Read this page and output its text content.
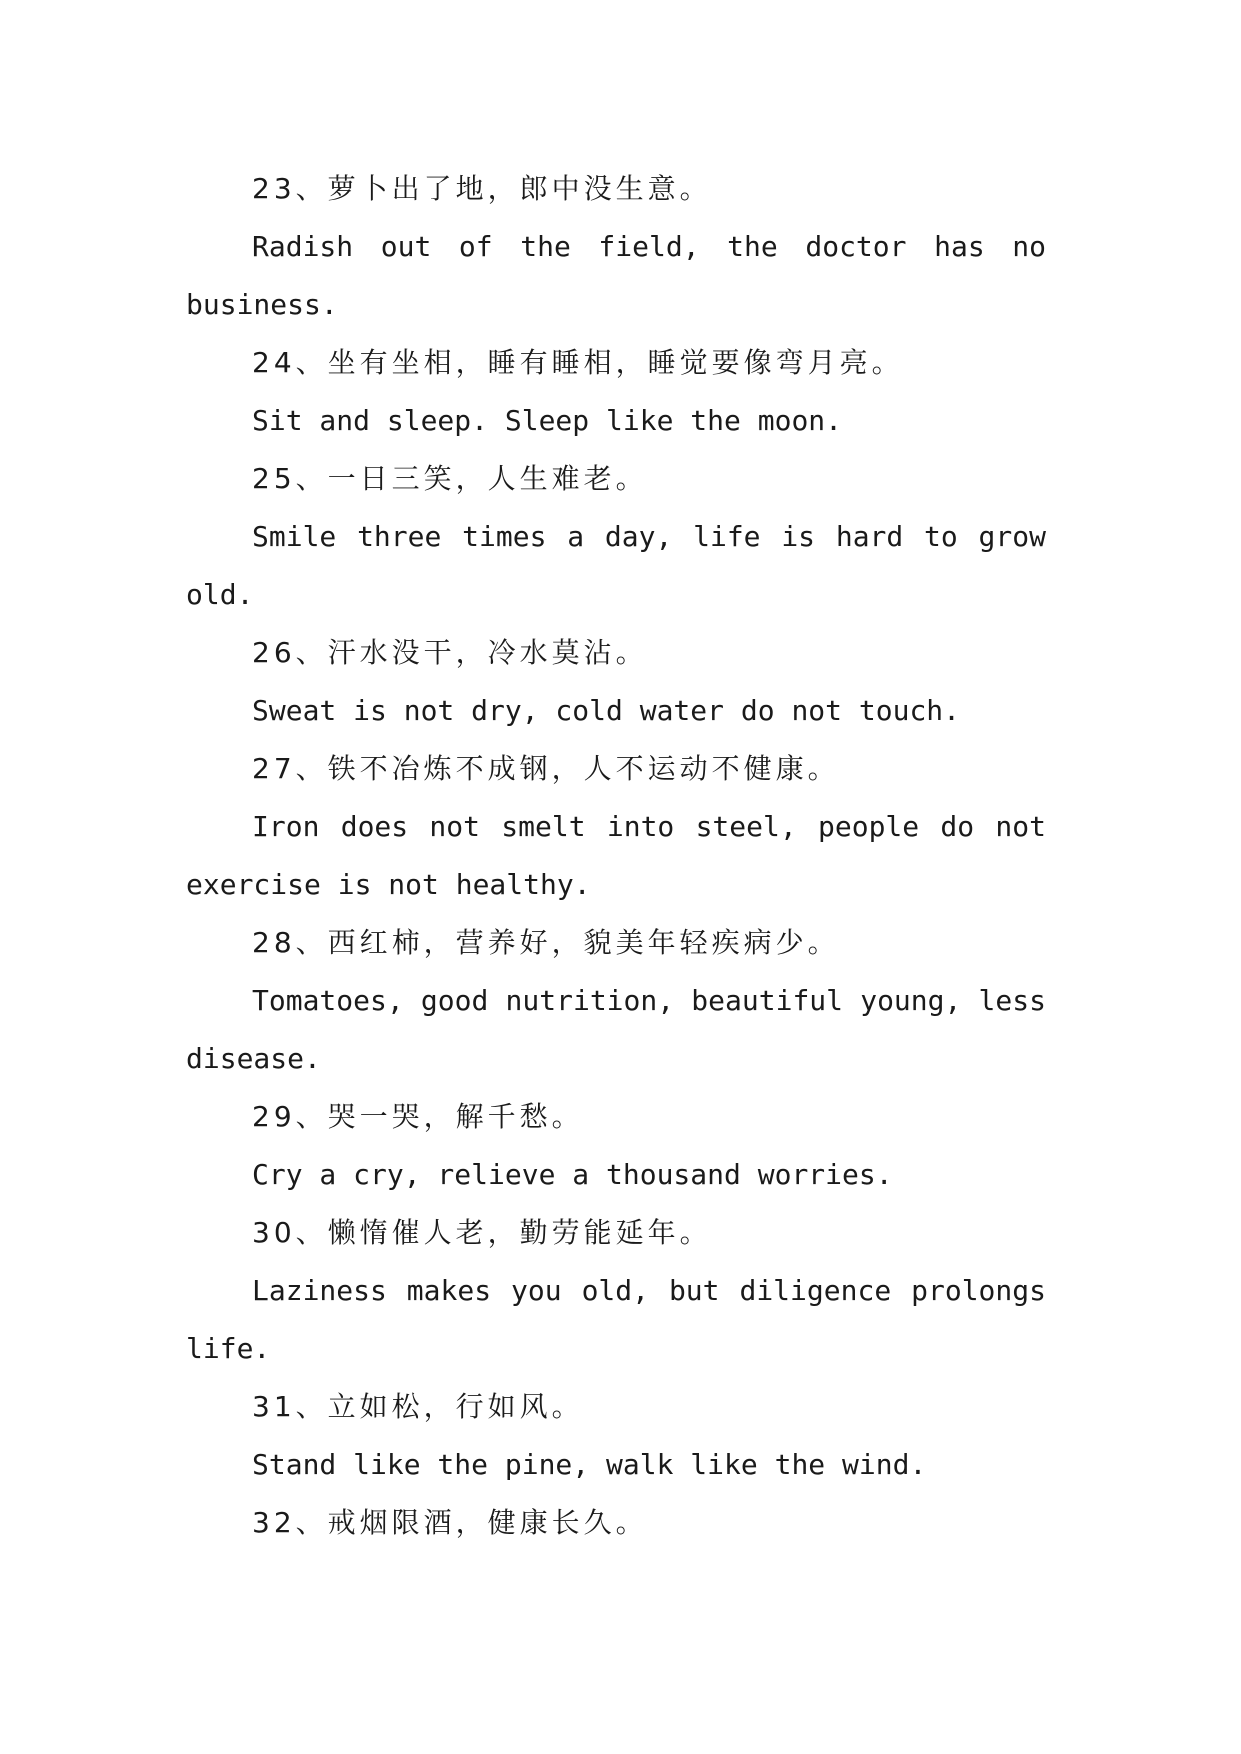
23、萝卜出了地，郎中没生意。

Radish out of the field, the doctor has no

business.

24、坐有坐相，睡有睡相，睡觉要像弯月亮。

Sit and sleep. Sleep like the moon.

25、一日三笑，人生难老。

Smile three times a day, life is hard to grow

old.

26、汗水没干，冷水莫沾。

Sweat is not dry, cold water do not touch.

27、铁不冶炼不成钢，人不运动不健康。

Iron does not smelt into steel, people do not

exercise is not healthy.

28、西红柿，营养好，貌美年轻疾病少。

Tomatoes, good nutrition, beautiful young, less

disease.

29、哭一哭，解千愁。

Cry a cry, relieve a thousand worries.

30、懒惰催人老，勤劳能延年。

Laziness makes you old, but diligence prolongs

life.

31、立如松，行如风。

Stand like the pine, walk like the wind.

32、戒烟限酒，健康长久。
